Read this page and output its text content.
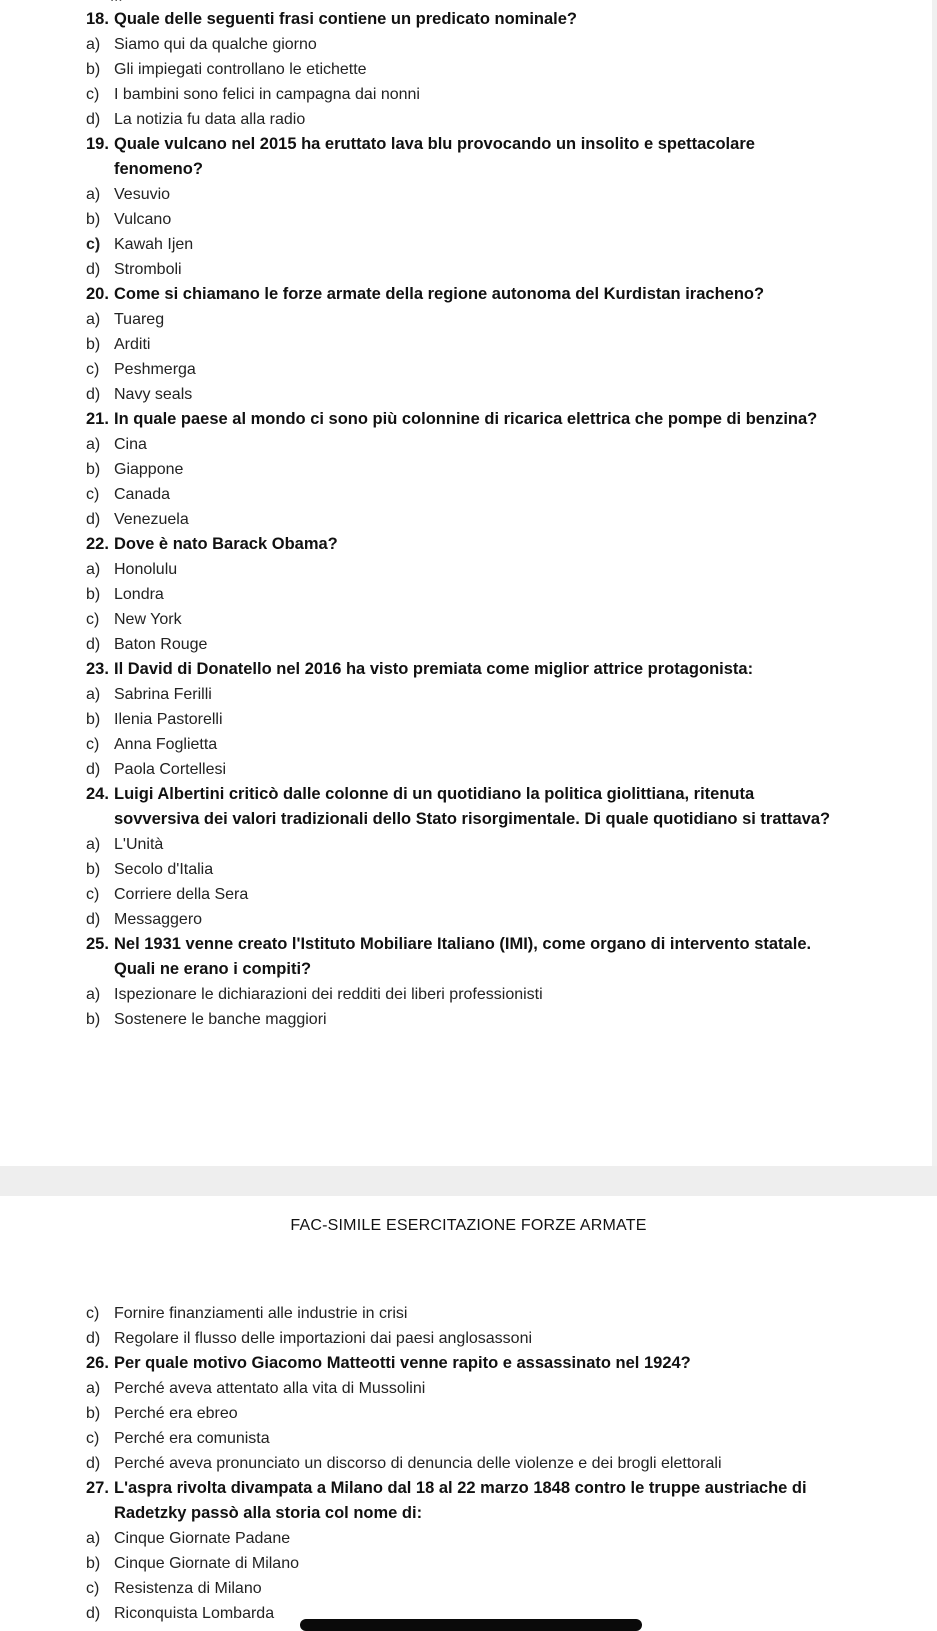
18. Quale delle seguenti frasi contiene un predicato nominale?
a) Siamo qui da qualche giorno
b) Gli impiegati controllano le etichette
c) I bambini sono felici in campagna dai nonni
d) La notizia fu data alla radio
19. Quale vulcano nel 2015 ha eruttato lava blu provocando un insolito e spettacolare fenomeno?
a) Vesuvio
b) Vulcano
c) Kawah Ijen
d) Stromboli
20. Come si chiamano le forze armate della regione autonoma del Kurdistan iracheno?
a) Tuareg
b) Arditi
c) Peshmerga
d) Navy seals
21. In quale paese al mondo ci sono più colonnine di ricarica elettrica che pompe di benzina?
a) Cina
b) Giappone
c) Canada
d) Venezuela
22. Dove è nato Barack Obama?
a) Honolulu
b) Londra
c) New York
d) Baton Rouge
23. Il David di Donatello nel 2016 ha visto premiata come miglior attrice protagonista:
a) Sabrina Ferilli
b) Ilenia Pastorelli
c) Anna Foglietta
d) Paola Cortellesi
24. Luigi Albertini criticò dalle colonne di un quotidiano la politica giolittiana, ritenuta sovversiva dei valori tradizionali dello Stato risorgimentale. Di quale quotidiano si trattava?
a) L'Unità
b) Secolo d'Italia
c) Corriere della Sera
d) Messaggero
25. Nel 1931 venne creato l'Istituto Mobiliare Italiano (IMI), come organo di intervento statale. Quali ne erano i compiti?
a) Ispezionare le dichiarazioni dei redditi dei liberi professionisti
b) Sostenere le banche maggiori
FAC-SIMILE ESERCITAZIONE FORZE ARMATE
c) Fornire finanziamenti alle industrie in crisi
d) Regolare il flusso delle importazioni dai paesi anglosassoni
26. Per quale motivo Giacomo Matteotti venne rapito e assassinato nel 1924?
a) Perché aveva attentato alla vita di Mussolini
b) Perché era ebreo
c) Perché era comunista
d) Perché aveva pronunciato un discorso di denuncia delle violenze e dei brogli elettorali
27. L'aspra rivolta divampata a Milano dal 18 al 22 marzo 1848 contro le truppe austriache di Radetzky passò alla storia col nome di:
a) Cinque Giornate Padane
b) Cinque Giornate di Milano
c) Resistenza di Milano
d) Riconquista Lombarda
